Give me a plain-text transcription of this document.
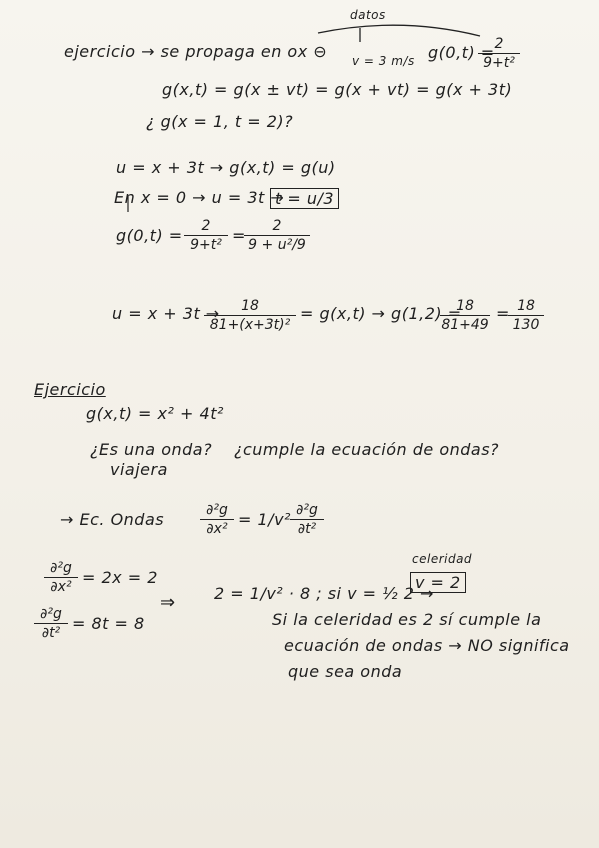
datos
ejercicio → se propaga en ox ⊖ v = 3 m/s g(0,t) = 2
9+t²
g(x,t) = g(x ± vt) = g(x + vt) = g(x + 3t)
¿ g(x = 1, t = 2)?
u = x + 3t → g(x,t) = g(u)
En x = 0 → u = 3t →
t = u/3
g(0,t) =	2
9+t² =	2
9 + u²/9
u = x + 3t →	18
81+(x+3t)²
= g(x,t) → g(1,2) =
18
81+49
= 18
130
Ejercicio
g(x,t) = x² + 4t²
¿Es una onda? ¿cumple la ecuación de ondas?
viajera
→ Ec. Ondas	∂²g
∂x² = 1/v² ∂²g
∂t²
celeridad
∂²g
∂x² = 2x = 2
⇒ 2 = 1/v² · 8 ; si v = ½ 2 →
v = 2
∂²g
∂t² = 8t = 8	Si la celeridad es 2 sí cumple la
ecuación de ondas → NO significa
que sea onda
